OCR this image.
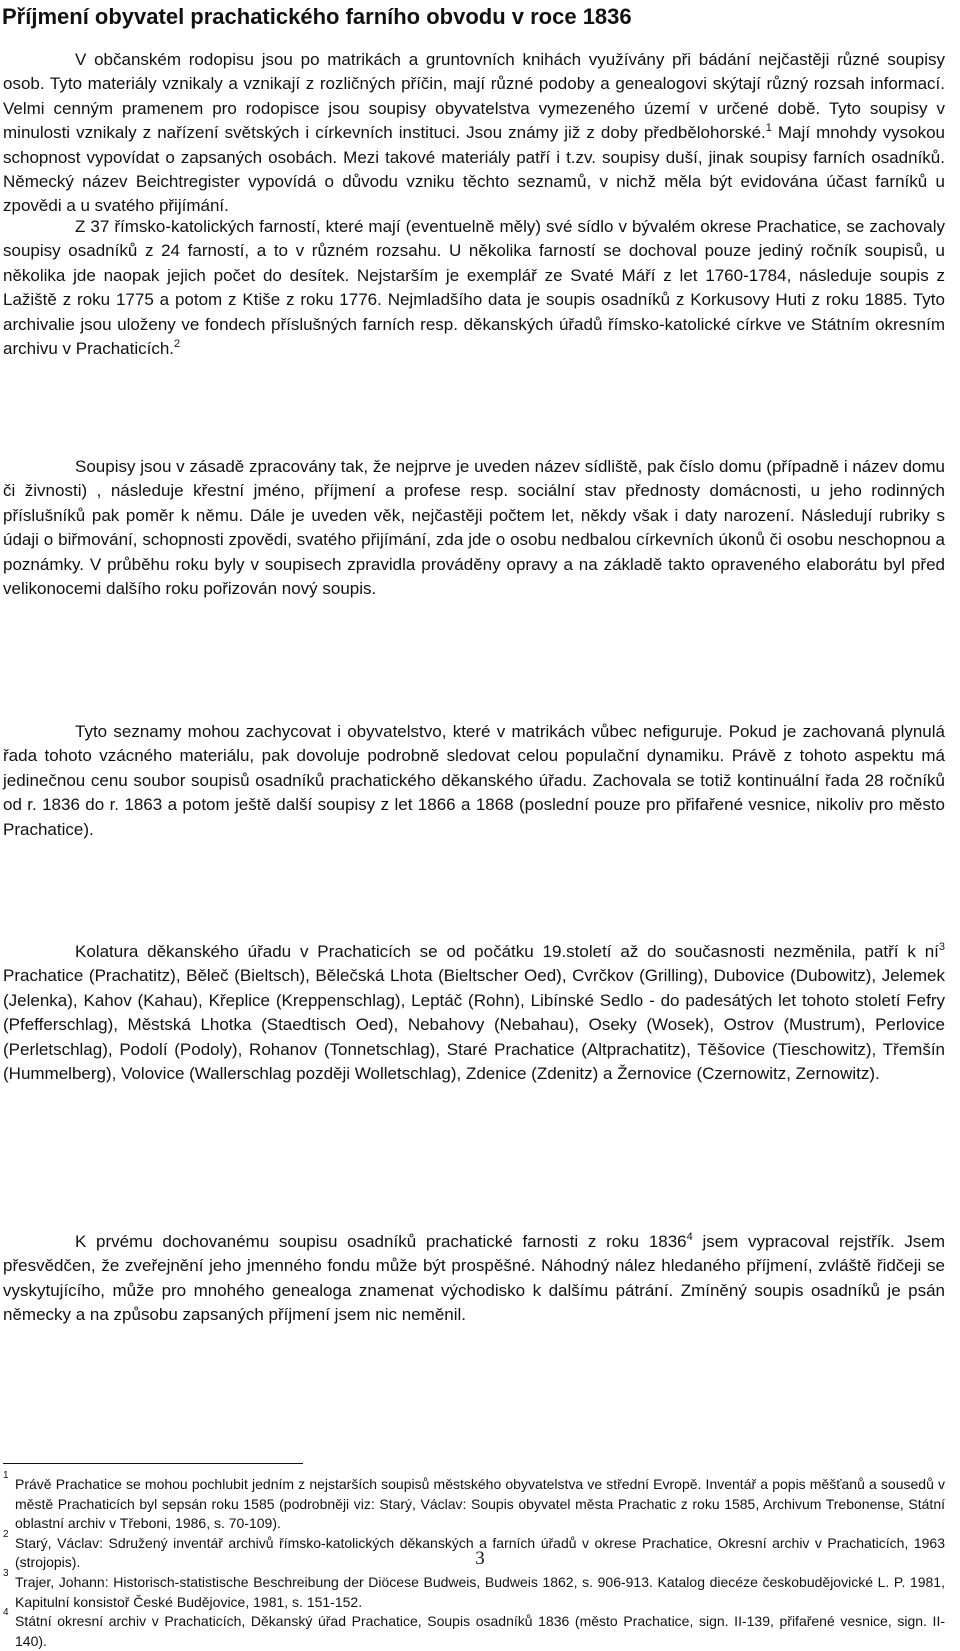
Příjmení obyvatel prachatického farního obvodu v roce 1836

V občanském rodopisu jsou po matrikách a gruntovních knihách využívány při bádání nejčastěji různé soupisy osob. Tyto materiály vznikaly a vznikají z rozličných příčin, mají různé podoby a genealogovi skýtají různý rozsah informací. Velmi cenným pramenem pro rodopisce jsou soupisy obyvatelstva vymezeného území v určené době. Tyto soupisy v minulosti vznikaly z nařízení světských i církevních instituci. Jsou známy již z doby předbělohorské.$^1$ Mají mnohdy vysokou schopnost vypovídat o zapsaných osobách. Mezi takové materiály patří i t.zv. soupisy duší, jinak soupisy farních osadníků. Německý název Beichtregister vypovídá o důvodu vzniku těchto seznamů, v nichž měla být evidována účast farníků u zpovědi a u svatého přijímání.

Z 37 římsko-katolických farností, které mají (eventuelně měly) své sídlo v bývalém okrese Prachatice, se zachovaly soupisy osadníků z 24 farností, a to v různém rozsahu. U několika farností se dochoval pouze jediný ročník soupisů, u několika jde naopak jejich počet do desítek. Nejstarším je exemplář ze Svaté Máří z let 1760-1784, následuje soupis z Lažiště z roku 1775 a potom z Ktiše z roku 1776. Nejmladšího data je soupis osadníků z Korkusovy Huti z roku 1885. Tyto archivalie jsou uloženy ve fondech příslušných farních resp. děkanských úřadů římsko-katolické církve ve Státním okresním archivu v Prachaticích.$^2$

Soupisy jsou v zásadě zpracovány tak, že nejprve je uveden název sídliště, pak číslo domu (případně i název domu či živnosti) , následuje křestní jméno, příjmení a profese resp. sociální stav přednosty domácnosti, u jeho rodinných příslušníků pak poměr k němu. Dále je uveden věk, nejčastěji počtem let, někdy však i daty narození. Následují rubriky s údaji o biřmování, schopnosti zpovědi, svatého přijímání, zda jde o osobu nedbalou církevních úkonů či osobu neschopnou a poznámky. V průběhu roku byly v soupisech zpravidla prováděny opravy a na základě takto opraveného elaborátu byl před velikonocemi dalšího roku pořizován nový soupis.

Tyto seznamy mohou zachycovat i obyvatelstvo, které v matrikách vůbec nefiguruje. Pokud je zachovaná plynulá řada tohoto vzácného materiálu, pak dovoluje podrobně sledovat celou populační dynamiku. Právě z tohoto aspektu má jedinečnou cenu soubor soupisů osadníků prachatického děkanského úřadu. Zachovala se totiž kontinuální řada 28 ročníků od r. 1836 do r. 1863 a potom ještě další soupisy z let 1866 a 1868 (poslední pouze pro přifařené vesnice, nikoliv pro město Prachatice).

Kolatura děkanského úřadu v Prachaticích se od počátku 19.století až do současnosti nezměnila, patří k $ní^3$ Prachatice (Prachatitz), Běleč (Bieltsch), Bělečská Lhota (Bieltscher Oed), Cvrčkov (Grilling), Dubovice (Dubowitz), Jelemek (Jelenka), Kahov (Kahau), Křeplice (Kreppenschlag), Leptáč (Rohn), Libínské Sedlo - do padesátých let tohoto století Fefry (Pfefferschlag), Městská Lhotka (Staedtisch Oed), Nebahovy (Nebahau), Oseky (Wosek), Ostrov (Mustrum), Perlovice (Perletschlag), Podolí (Podoly), Rohanov (Tonnetschlag), Staré Prachatice (Altprachatitz), Těšovice (Tieschowitz), Třemšín (Hummelberg), Volovice (Wallerschlag později Wolletschlag), Zdenice (Zdenitz) a Žernovice (Czernowitz, Zernowitz).

K prvému dochovanému soupisu osadníků prachatické farnosti z roku 1836$^4$ jsem vypracoval rejstřík. Jsem přesvědčen, že zveřejnění jeho jmenného fondu může být prospěšné. Náhodný nález hledaného příjmení, zvláště řidčeji se vyskytujícího, může pro mnohého genealoga znamenat východisko k dalšímu pátrání. Zmíněný soupis osadníků je psán německy a na způsobu zapsaných příjmení jsem nic neměnil.

1
Právě Prachatice se mohou pochlubit jedním z nejstarších soupisů městského obyvatelstva ve střední Evropě. Inventář a popis měšťanů a sousedů v městě Prachaticích byl sepsán roku 1585 (podrobněji viz: Starý, Václav: Soupis obyvatel města Prachatic z roku 1585, Archivum Trebonense, Státní oblastní archiv v Třeboni, 1986, s. 70-109).

2
Starý, Václav: Sdružený inventář archivů římsko-katolických děkanských a farních úřadů v okrese Prachatice, Okresní archiv v Prachaticích, 1963 (strojopis).

3
Trajer, Johann: Historisch-statistische Beschreibung der Diöcese Budweis, Budweis 1862, s. 906-913. Katalog diecéze českobudějovické L. P. 1981, Kapitulní konsistoř České Budějovice, 1981, s. 151-152.

4
Státní okresní archiv v Prachaticích, Děkanský úřad Prachatice, Soupis osadníků 1836 (město Prachatice, sign. II-139, přifařené vesnice, sign. II-140).

3
